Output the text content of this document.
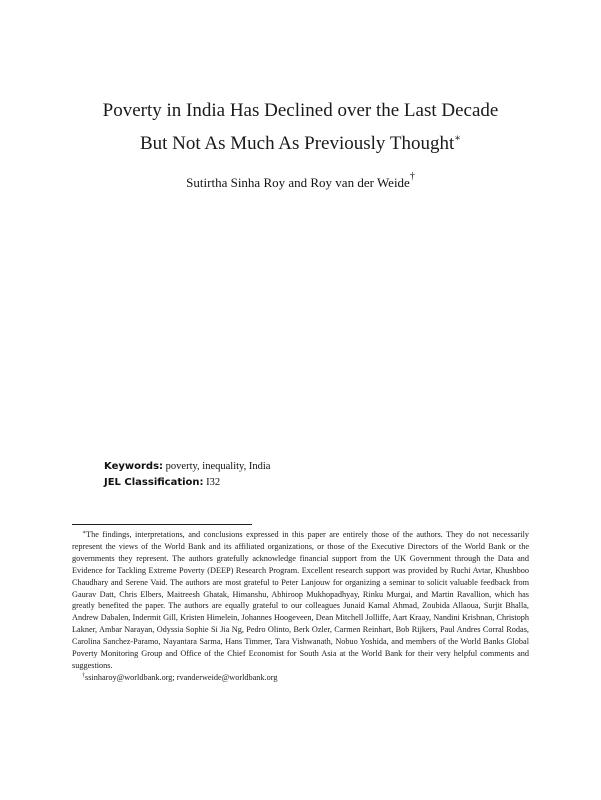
Poverty in India Has Declined over the Last Decade
But Not As Much As Previously Thought∗
Sutirtha Sinha Roy and Roy van der Weide†
Keywords: poverty, inequality, India
JEL Classification: I32

∗The findings, interpretations, and conclusions expressed in this paper are entirely those of the authors. They do not necessarily represent the views of the World Bank and its affiliated organizations, or those of the Executive Directors of the World Bank or the governments they represent. The authors gratefully acknowledge financial support from the UK Government through the Data and Evidence for Tackling Extreme Poverty (DEEP) Research Program. Excellent research support was provided by Ruchi Avtar, Khushboo Chaudhary and Serene Vaid. The authors are most grateful to Peter Lanjouw for organizing a seminar to solicit valuable feedback from Gaurav Datt, Chris Elbers, Maitreesh Ghatak, Himanshu, Abhiroop Mukhopadhyay, Rinku Murgai, and Martin Ravallion, which has greatly benefited the paper. The authors are equally grateful to our colleagues Junaid Kamal Ahmad, Zoubida Allaoua, Surjit Bhalla, Andrew Dabalen, Indermit Gill, Kristen Himelein, Johannes Hoogeveen, Dean Mitchell Jolliffe, Aart Kraay, Nandini Krishnan, Christoph Lakner, Ambar Narayan, Odyssia Sophie Si Jia Ng, Pedro Olinto, Berk Ozler, Carmen Reinhart, Bob Rijkers, Paul Andres Corral Rodas, Carolina Sanchez-Paramo, Nayantara Sarma, Hans Timmer, Tara Vishwanath, Nobuo Yoshida, and members of the World Banks Global Poverty Monitoring Group and Office of the Chief Economist for South Asia at the World Bank for their very helpful comments and suggestions.

†ssinharoy@worldbank.org; rvanderweide@worldbank.org
